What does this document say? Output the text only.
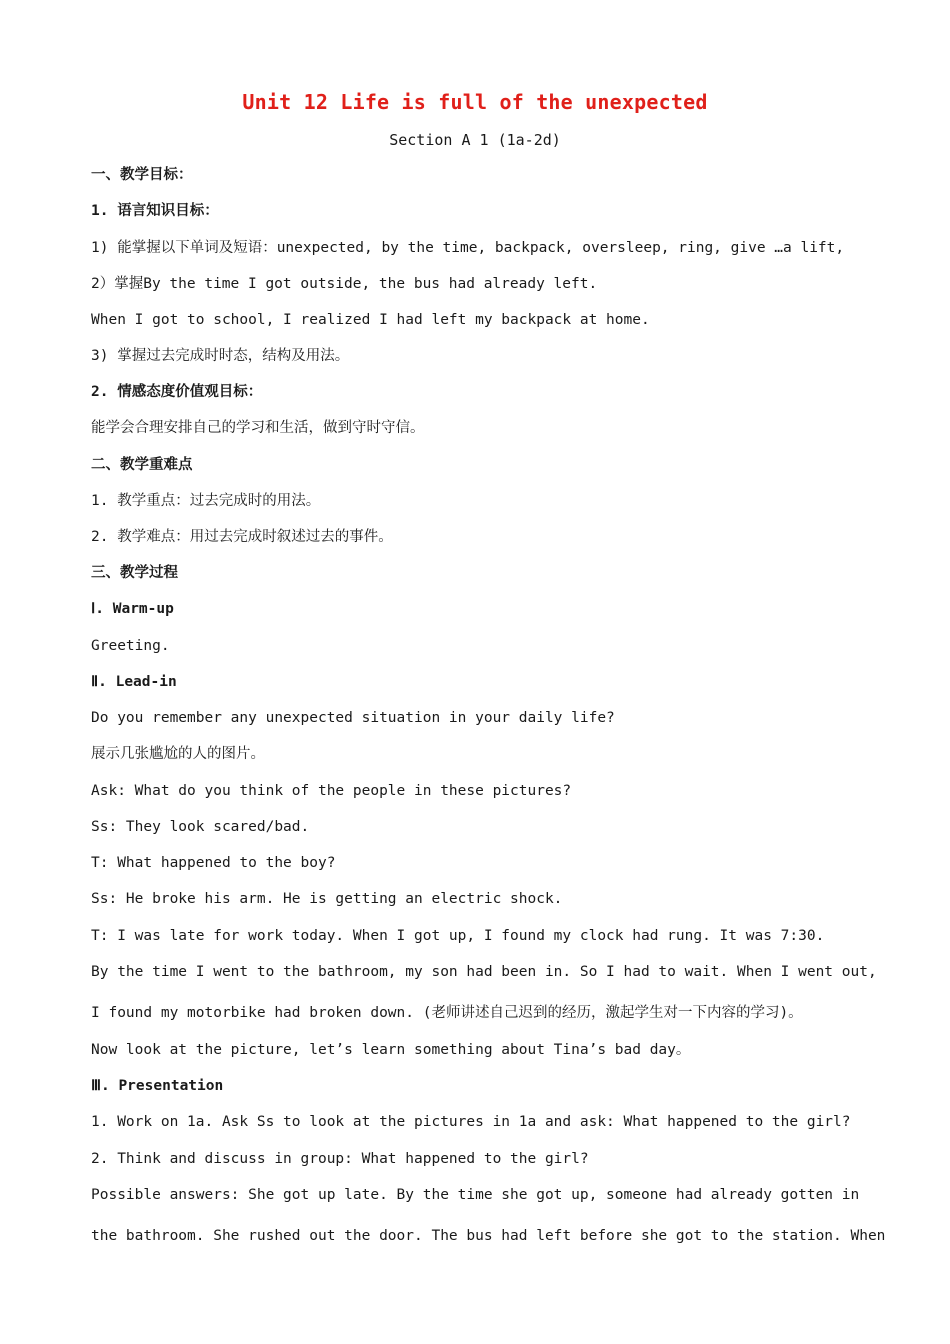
Unit 12 Life is full of the unexpected
Section A 1 (1a-2d)
一、教学目标：
1. 语言知识目标：
1) 能掌握以下单词及短语：unexpected, by the time, backpack, oversleep, ring, give …a lift,
2）掌握By the time I got outside, the bus had already left.
When I got to school, I realized I had left my backpack at home.
3) 掌握过去完成时时态，结构及用法。
2. 情感态度价值观目标：
能学会合理安排自己的学习和生活，做到守时守信。
二、教学重难点
1. 教学重点：过去完成时的用法。
2. 教学难点：用过去完成时叙述过去的事件。
三、教学过程
Ⅰ. Warm-up
Greeting.
Ⅱ. Lead-in
Do you remember any unexpected situation in your daily life?
展示几张尴尬的人的图片。
Ask: What do you think of the people in these pictures?
Ss: They look scared/bad.
T: What happened to the boy?
Ss: He broke his arm. He is getting an electric shock.
T: I was late for work today. When I got up, I found my clock had rung. It was 7:30.
By the time I went to the bathroom, my son had been in. So I had to wait. When I went out,
I found my motorbike had broken down. (老师讲述自己迟到的经历，激起学生对一下内容的学习)。
Now look at the picture, let’s learn something about Tina’s bad day。
Ⅲ. Presentation
1. Work on 1a. Ask Ss to look at the pictures in 1a and ask: What happened to the girl?
2. Think and discuss in group: What happened to the girl?
Possible answers: She got up late. By the time she got up, someone had already gotten in
the bathroom. She rushed out the door. The bus had left before she got to the station. When
